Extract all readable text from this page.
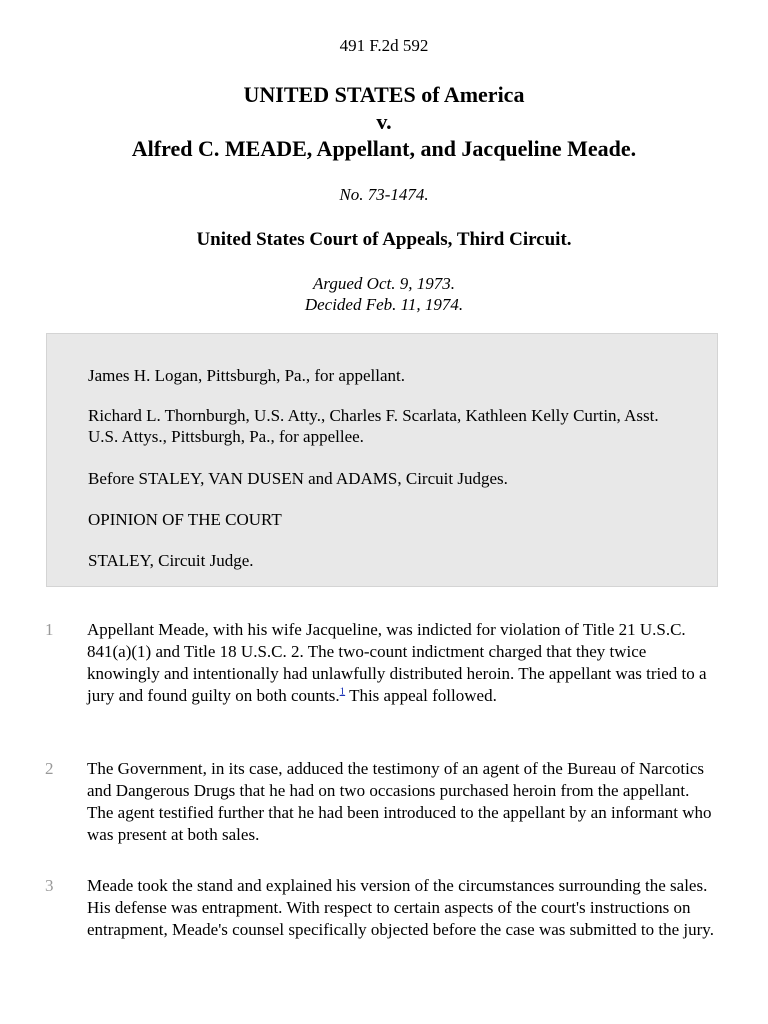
491 F.2d 592
UNITED STATES of America
v.
Alfred C. MEADE, Appellant, and Jacqueline Meade.
No. 73-1474.
United States Court of Appeals, Third Circuit.
Argued Oct. 9, 1973.
Decided Feb. 11, 1974.

James H. Logan, Pittsburgh, Pa., for appellant.

Richard L. Thornburgh, U.S. Atty., Charles F. Scarlata, Kathleen Kelly Curtin, Asst. U.S. Attys., Pittsburgh, Pa., for appellee.

Before STALEY, VAN DUSEN and ADAMS, Circuit Judges.

OPINION OF THE COURT

STALEY, Circuit Judge.

1 Appellant Meade, with his wife Jacqueline, was indicted for violation of Title 21 U.S.C. 841(a)(1) and Title 18 U.S.C. 2. The two-count indictment charged that they twice knowingly and intentionally had unlawfully distributed heroin. The appellant was tried to a jury and found guilty on both counts.$^1$ This appeal followed.

2 The Government, in its case, adduced the testimony of an agent of the Bureau of Narcotics and Dangerous Drugs that he had on two occasions purchased heroin from the appellant. The agent testified further that he had been introduced to the appellant by an informant who was present at both sales.

3 Meade took the stand and explained his version of the circumstances surrounding the sales. His defense was entrapment. With respect to certain aspects of the court's instructions on entrapment, Meade's counsel specifically objected before the case was submitted to the jury.
